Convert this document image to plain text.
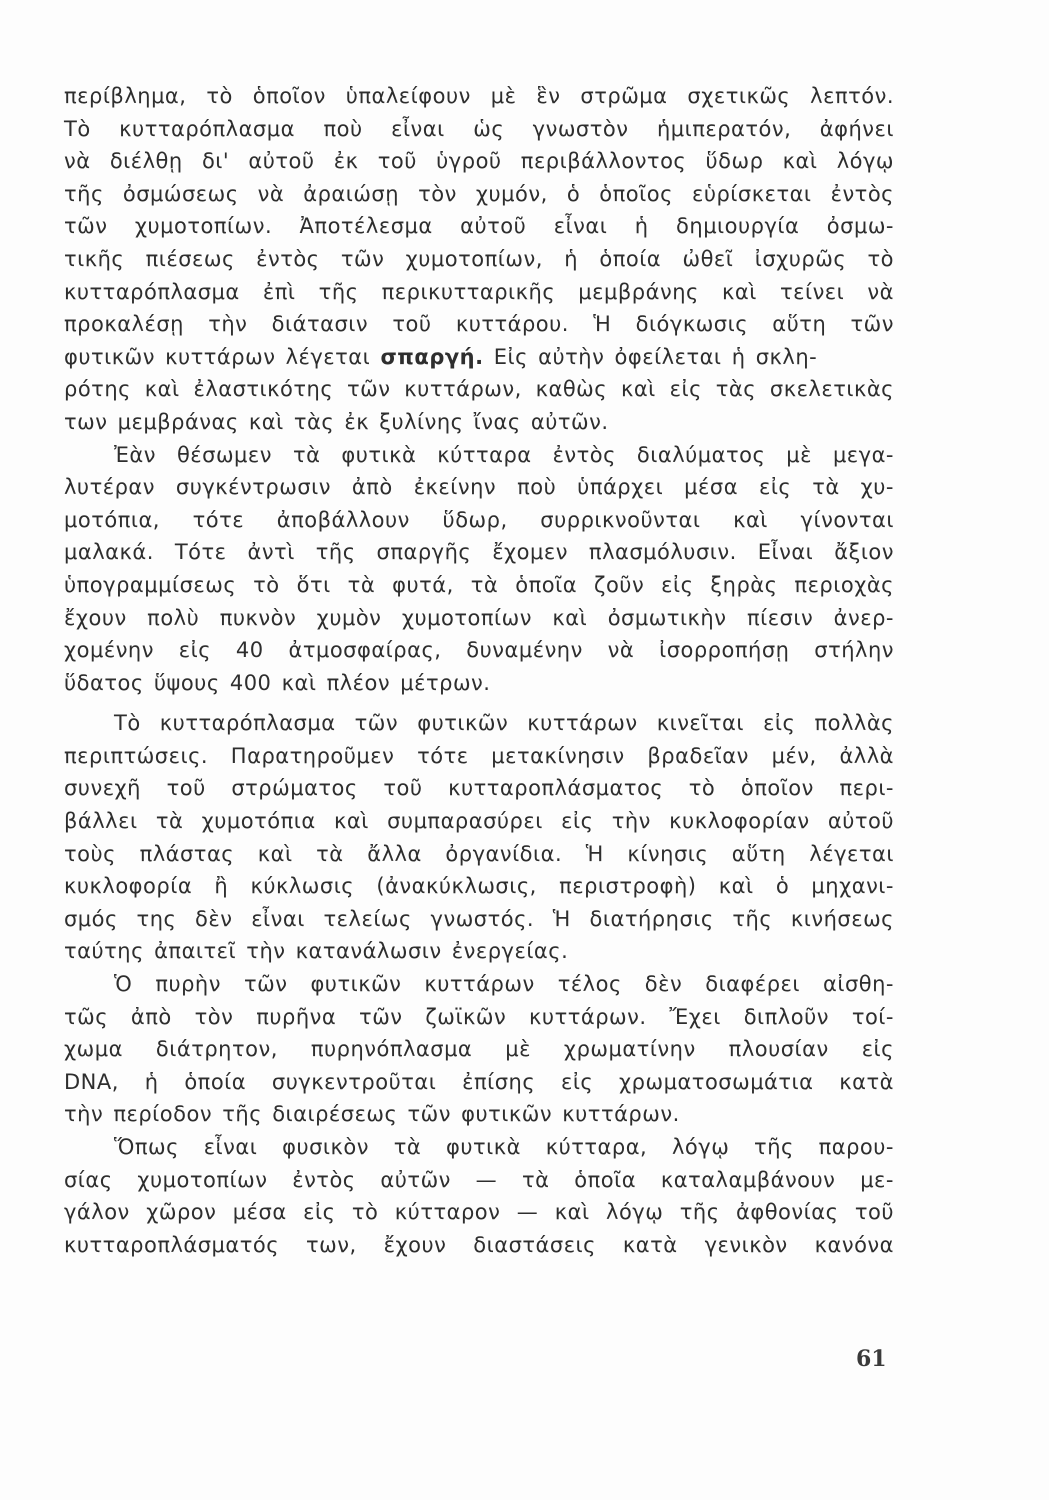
περίβλημα, τὸ ὁποῖον ὑπαλείφουν μὲ ἓν στρῶμα σχετικῶς λεπτόν.
Τὸ κυτταρόπλασμα ποὺ εἶναι ὡς γνωστὸν ἡμιπερατόν, ἀφήνει
νὰ διέλθῃ δι' αὐτοῦ ἐκ τοῦ ὑγροῦ περιβάλλοντος ὕδωρ καὶ λόγῳ
τῆς ὀσμώσεως νὰ ἀραιώσῃ τὸν χυμόν, ὁ ὁποῖος εὑρίσκεται ἐντὸς
τῶν χυμοτοπίων. Ἀποτέλεσμα αὐτοῦ εἶναι ἡ δημιουργία ὀσμω-
τικῆς πιέσεως ἐντὸς τῶν χυμοτοπίων, ἡ ὁποία ὠθεῖ ἰσχυρῶς τὸ
κυτταρόπλασμα ἐπὶ τῆς περικυτταρικῆς μεμβράνης καὶ τείνει νὰ
προκαλέσῃ τὴν διάτασιν τοῦ κυττάρου. Ἡ διόγκωσις αὕτη τῶν
φυτικῶν κυττάρων λέγεται σπαργή. Εἰς αὐτὴν ὀφείλεται ἡ σκλη-
ρότης καὶ ἐλαστικότης τῶν κυττάρων, καθὼς καὶ εἰς τὰς σκελετικὰς
των μεμβράνας καὶ τὰς ἐκ ξυλίνης ἴνας αὐτῶν.
Ἐὰν θέσωμεν τὰ φυτικὰ κύτταρα ἐντὸς διαλύματος μὲ μεγα-
λυτέραν συγκέντρωσιν ἀπὸ ἐκείνην ποὺ ὑπάρχει μέσα εἰς τὰ χυ-
μοτόπια, τότε ἀποβάλλουν ὕδωρ, συρρικνοῦνται καὶ γίνονται
μαλακά. Τότε ἀντὶ τῆς σπαργῆς ἔχομεν πλασμόλυσιν. Εἶναι ἄξιον
ὑπογραμμίσεως τὸ ὅτι τὰ φυτά, τὰ ὁποῖα ζοῦν εἰς ξηρὰς περιοχὰς
ἔχουν πολὺ πυκνὸν χυμὸν χυμοτοπίων καὶ ὀσμωτικὴν πίεσιν ἀνερ-
χομένην εἰς 40 ἀτμοσφαίρας, δυναμένην νὰ ἰσορροπήσῃ στήλην
ὕδατος ὕψους 400 καὶ πλέον μέτρων.
Τὸ κυτταρόπλασμα τῶν φυτικῶν κυττάρων κινεῖται εἰς πολλὰς
περιπτώσεις. Παρατηροῦμεν τότε μετακίνησιν βραδεῖαν μέν, ἀλλὰ
συνεχῆ τοῦ στρώματος τοῦ κυτταροπλάσματος τὸ ὁποῖον περι-
βάλλει τὰ χυμοτόπια καὶ συμπαρασύρει εἰς τὴν κυκλοφορίαν αὐτοῦ
τοὺς πλάστας καὶ τὰ ἄλλα ὀργανίδια. Ἡ κίνησις αὕτη λέγεται
κυκλοφορία ἢ κύκλωσις (ἀνακύκλωσις, περιστροφὴ) καὶ ὁ μηχανι-
σμός της δὲν εἶναι τελείως γνωστός. Ἡ διατήρησις τῆς κινήσεως
ταύτης ἀπαιτεῖ τὴν κατανάλωσιν ἐνεργείας.
Ὁ πυρὴν τῶν φυτικῶν κυττάρων τέλος δὲν διαφέρει αἰσθη-
τῶς ἀπὸ τὸν πυρῆνα τῶν ζωϊκῶν κυττάρων. Ἔχει διπλοῦν τοί-
χωμα διάτρητον, πυρηνόπλασμα μὲ χρωματίνην πλουσίαν εἰς
DNA, ἡ ὁποία συγκεντροῦται ἐπίσης εἰς χρωματοσωμάτια κατὰ
τὴν περίοδον τῆς διαιρέσεως τῶν φυτικῶν κυττάρων.
Ὅπως εἶναι φυσικὸν τὰ φυτικὰ κύτταρα, λόγῳ τῆς παρου-
σίας χυμοτοπίων ἐντὸς αὐτῶν — τὰ ὁποῖα καταλαμβάνουν με-
γάλον χῶρον μέσα εἰς τὸ κύτταρον — καὶ λόγῳ τῆς ἀφθονίας τοῦ
κυτταροπλάσματός των, ἔχουν διαστάσεις κατὰ γενικὸν κανόνα
61
